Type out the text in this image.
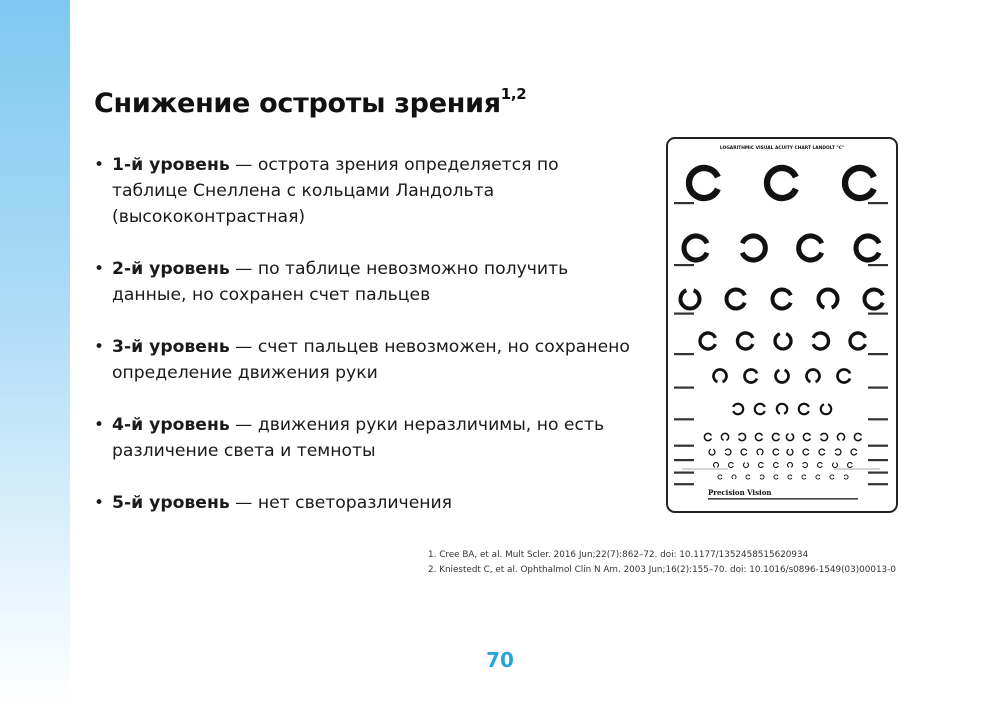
Снижение остроты зрения$^{1,2}$
• 1-й уровень — острота зрения определяется по таблице Снеллена с кольцами Ландольта (высококонтрастная)
• 2-й уровень — по таблице невозможно получить данные, но сохранен счет пальцев
• 3-й уровень — счет пальцев невозможен, но сохранено определение движения руки
• 4-й уровень — движения руки неразличимы, но есть различение света и темноты
• 5-й уровень — нет светоразличения
LOGARITHMIC VISUAL ACUITY CHART LANDOLT "C"
Precision Vision
1. Cree BA, et al. Mult Scler. 2016 Jun;22(7):862–72. doi: 10.1177/1352458515620934
2. Kniestedt C, et al. Ophthalmol Clin N Am. 2003 Jun;16(2):155–70. doi: 10.1016/s0896-1549(03)00013-0
70
